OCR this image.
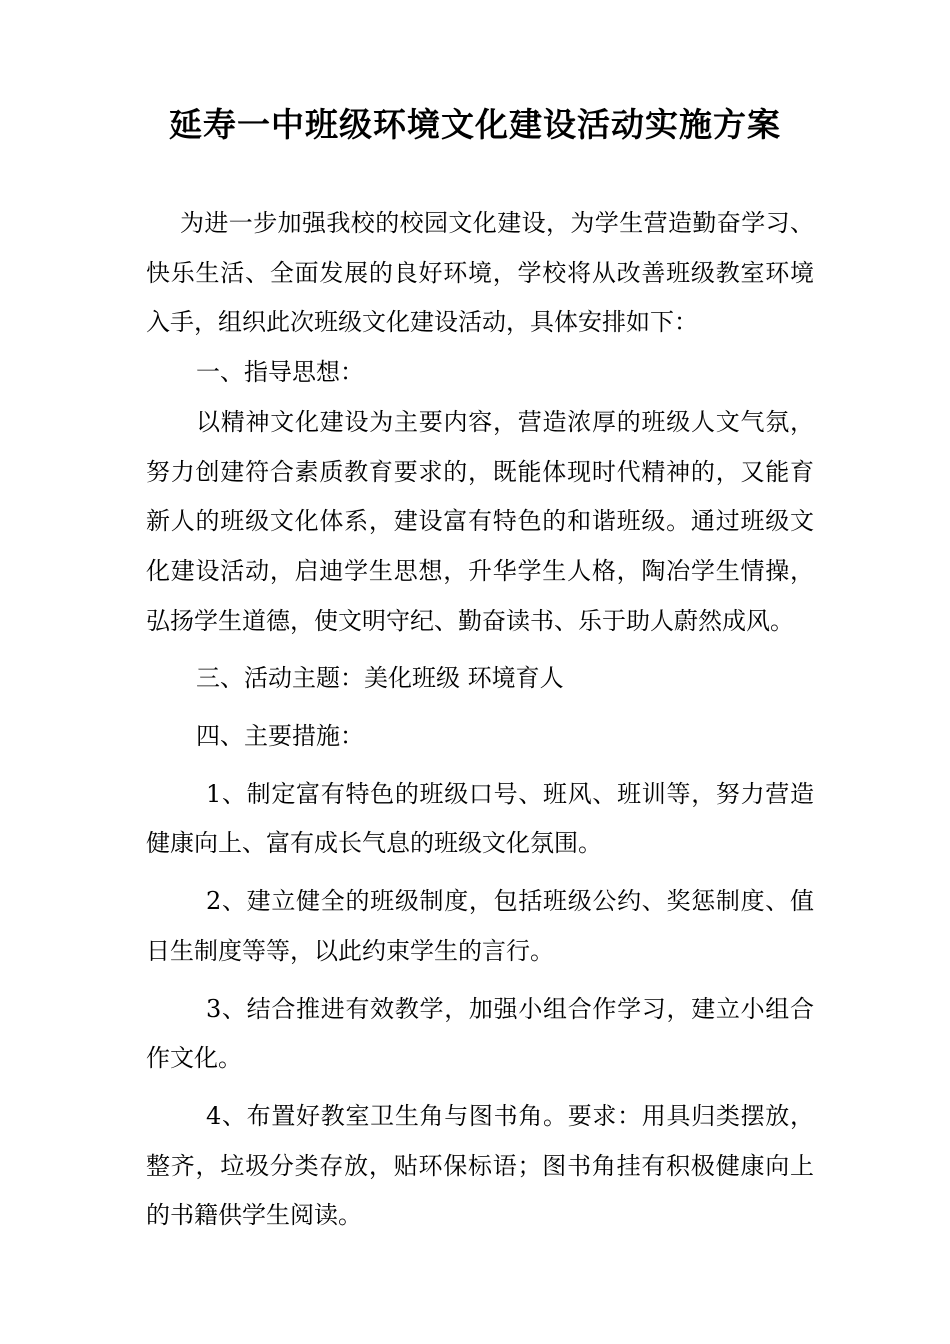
延寿一中班级环境文化建设活动实施方案

为进一步加强我校的校园文化建设，为学生营造勤奋学习、快乐生活、全面发展的良好环境，学校将从改善班级教室环境入手，组织此次班级文化建设活动，具体安排如下：

一、指导思想：

以精神文化建设为主要内容，营造浓厚的班级人文气氛，努力创建符合素质教育要求的，既能体现时代精神的，又能育新人的班级文化体系，建设富有特色的和谐班级。通过班级文化建设活动，启迪学生思想，升华学生人格，陶冶学生情操，弘扬学生道德，使文明守纪、勤奋读书、乐于助人蔚然成风。

三、活动主题：美化班级 环境育人

四、主要措施：

1、制定富有特色的班级口号、班风、班训等，努力营造健康向上、富有成长气息的班级文化氛围。

2、建立健全的班级制度，包括班级公约、奖惩制度、值日生制度等等，以此约束学生的言行。

3、结合推进有效教学，加强小组合作学习，建立小组合作文化。

4、布置好教室卫生角与图书角。要求：用具归类摆放，整齐，垃圾分类存放，贴环保标语；图书角挂有积极健康向上的书籍供学生阅读。
